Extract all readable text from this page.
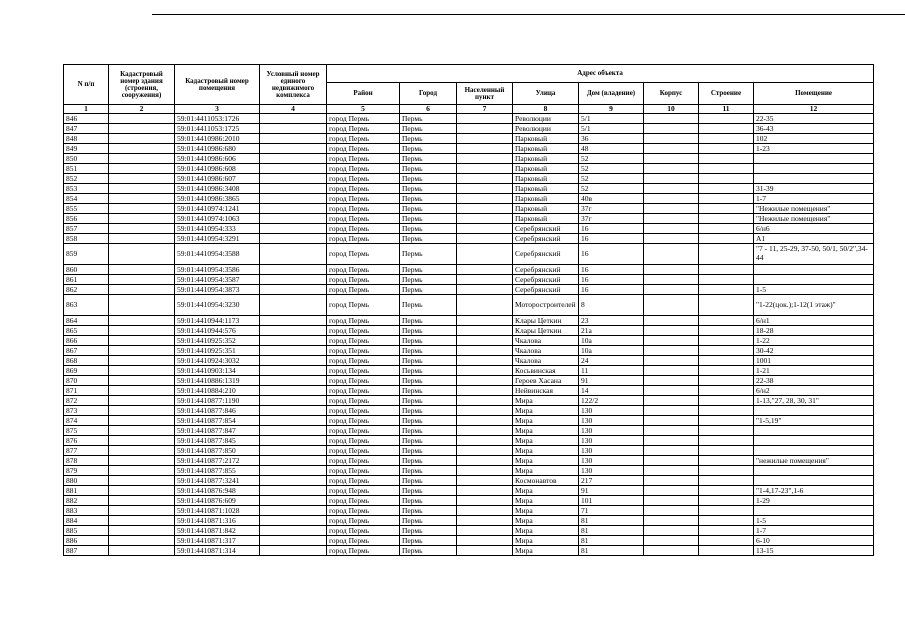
N п/п	Кадастровый номер здания (строения, сооружения)	Кадастровый номер помещения	Условный номер единого недвижимого комплекса	Адрес объекта							
				Район	Город	Населенный пункт	Улица	Дом (владение)	Корпус	Строение	Помещение
1	2	3	4	5	6	7	8	9	10	11	12
846		59:01:4411053:1726		город Пермь	Пермь		Революции	5/1			22-35
847		59:01:4411053:1725		город Пермь	Пермь		Революции	5/1			36-43
848		59:01:4410986:2010		город Пермь	Пермь		Парковый	36			102
849		59:01:4410986:680		город Пермь	Пермь		Парковый	48			1-23
850		59:01:4410986:606		город Пермь	Пермь		Парковый	52			
851		59:01:4410986:608		город Пермь	Пермь		Парковый	52			
852		59:01:4410986:607		город Пермь	Пермь		Парковый	52			
853		59:01:4410986:3408		город Пермь	Пермь		Парковый	52			31-39
854		59:01:4410986:3865		город Пермь	Пермь		Парковый	40в			1-7
855		59:01:4410974:1241		город Пермь	Пермь		Парковый	37г			"Нежилые помещения"
856		59:01:4410974:1063		город Пермь	Пермь		Парковый	37г			"Нежилые помещения"
857		59:01:4410954:333		город Пермь	Пермь		Серебрянский	16			6/н6
858		59:01:4410954:3291		город Пермь	Пермь		Серебрянский	16			А1
859		59:01:4410954:3588		город Пермь	Пермь		Серебрянский	16			"7 - 11, 25-29, 37-50, 50/1, 50/2",34-44
860		59:01:4410954:3586		город Пермь	Пермь		Серебрянский	16			
861		59:01:4410954:3587		город Пермь	Пермь		Серебрянский	16			
862		59:01:4410954:3873		город Пермь	Пермь		Серебрянский	16			1-5
863		59:01:4410954:3230		город Пермь	Пермь		Моторостроителей	8			"1-22(цок.);1-12(1 этаж)"
864		59:01:4410944:1173		город Пермь	Пермь		Клары Цеткин	23			6/н1
865		59:01:4410944:576		город Пермь	Пермь		Клары Цеткин	21а			18-28
866		59:01:4410925:352		город Пермь	Пермь		Чкалова	10а			1-22
867		59:01:4410925:351		город Пермь	Пермь		Чкалова	10а			30-42
868		59:01:4410924:3032		город Пермь	Пермь		Чкалова	24			1001
869		59:01:4410903:134		город Пермь	Пермь		Косьвинская	11			1-21
870		59:01:4410886:1319		город Пермь	Пермь		Героев Хасана	91			22-38
871		59:01:4410884:210		город Пермь	Пермь		Нейвинская	14			6/н2
872		59:01:4410877:1190		город Пермь	Пермь		Мира	122/2			1-13,"27, 28, 30, 31"
873		59:01:4410877:846		город Пермь	Пермь		Мира	130			
874		59:01:4410877:854		город Пермь	Пермь		Мира	130			"1-5,19"
875		59:01:4410877:847		город Пермь	Пермь		Мира	130			
876		59:01:4410877:845		город Пермь	Пермь		Мира	130			
877		59:01:4410877:850		город Пермь	Пермь		Мира	130			
878		59:01:4410877:2172		город Пермь	Пермь		Мира	130			"нежилые помещения"
879		59:01:4410877:855		город Пермь	Пермь		Мира	130			
880		59:01:4410877:3241		город Пермь	Пермь		Космонавтов	217			
881		59:01:4410876:948		город Пермь	Пермь		Мира	91			"1-4,17-23",1-6
882		59:01:4410876:609		город Пермь	Пермь		Мира	101			1-29
883		59:01:4410871:1028		город Пермь	Пермь		Мира	71			
884		59:01:4410871:316		город Пермь	Пермь		Мира	81			1-5
885		59:01:4410871:842		город Пермь	Пермь		Мира	81			1-7
886		59:01:4410871:317		город Пермь	Пермь		Мира	81			6-10
887		59:01:4410871:314		город Пермь	Пермь		Мира	81			13-15
